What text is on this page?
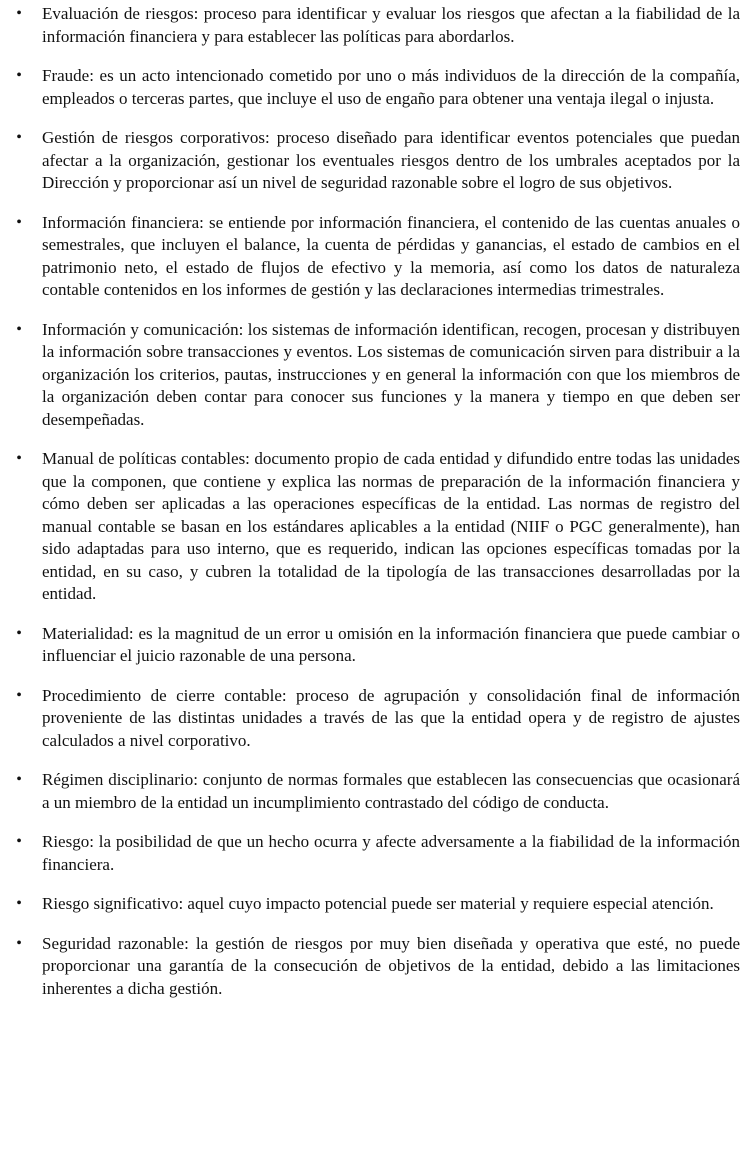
• Evaluación de riesgos: proceso para identificar y evaluar los riesgos que afectan a la fiabilidad de la información financiera y para establecer las políticas para abordarlos.
• Fraude: es un acto intencionado cometido por uno o más individuos de la dirección de la compañía, empleados o terceras partes, que incluye el uso de engaño para obtener una ventaja ilegal o injusta.
• Gestión de riesgos corporativos: proceso diseñado para identificar eventos potenciales que puedan afectar a la organización, gestionar los eventuales riesgos dentro de los umbrales aceptados por la Dirección y proporcionar así un nivel de seguridad razonable sobre el logro de sus objetivos.
• Información financiera: se entiende por información financiera, el contenido de las cuentas anuales o semestrales, que incluyen el balance, la cuenta de pérdidas y ganancias, el estado de cambios en el patrimonio neto, el estado de flujos de efectivo y la memoria, así como los datos de naturaleza contable contenidos en los informes de gestión y las declaraciones intermedias trimestrales.
• Información y comunicación: los sistemas de información identifican, recogen, procesan y distribuyen la información sobre transacciones y eventos. Los sistemas de comunicación sirven para distribuir a la organización los criterios, pautas, instrucciones y en general la información con que los miembros de la organización deben contar para conocer sus funciones y la manera y tiempo en que deben ser desempeñadas.
• Manual de políticas contables: documento propio de cada entidad y difundido entre todas las unidades que la componen, que contiene y explica las normas de preparación de la información financiera y cómo deben ser aplicadas a las operaciones específicas de la entidad. Las normas de registro del manual contable se basan en los estándares aplicables a la entidad (NIIF o PGC generalmente), han sido adaptadas para uso interno, que es requerido, indican las opciones específicas tomadas por la entidad, en su caso, y cubren la totalidad de la tipología de las transacciones desarrolladas por la entidad.
• Materialidad: es la magnitud de un error u omisión en la información financiera que puede cambiar o influenciar el juicio razonable de una persona.
• Procedimiento de cierre contable: proceso de agrupación y consolidación final de información proveniente de las distintas unidades a través de las que la entidad opera y de registro de ajustes calculados a nivel corporativo.
• Régimen disciplinario: conjunto de normas formales que establecen las consecuencias que ocasionará a un miembro de la entidad un incumplimiento contrastado del código de conducta.
• Riesgo: la posibilidad de que un hecho ocurra y afecte adversamente a la fiabilidad de la información financiera.
• Riesgo significativo: aquel cuyo impacto potencial puede ser material y requiere especial atención.
• Seguridad razonable: la gestión de riesgos por muy bien diseñada y operativa que esté, no puede proporcionar una garantía de la consecución de objetivos de la entidad, debido a las limitaciones inherentes a dicha gestión.
